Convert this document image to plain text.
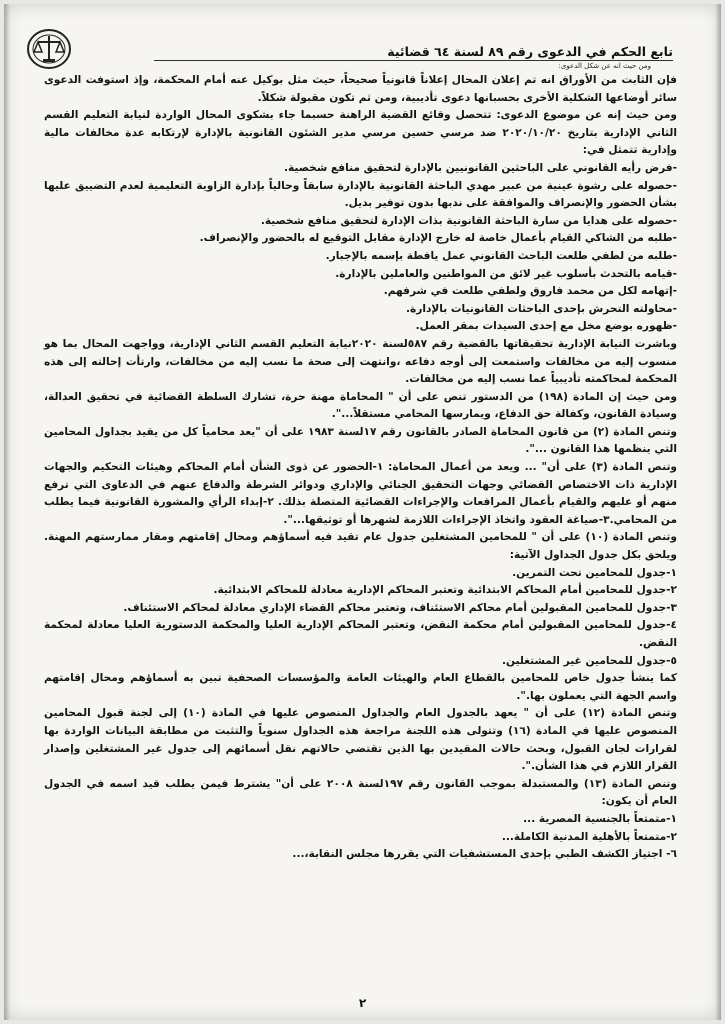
تابع الحكم في الدعوى رقم ٨٩ لسنة ٦٤ قضائية
ومن حيث انه عن شكل الدعوى:

فإن الثابت من الأوراق انه تم إعلان المحال إعلاناً قانونياً صحيحاً، حيث مثل بوكيل عنه أمام المحكمة، وإذ استوفت الدعوى سائر أوضاعها الشكلية الأخرى بحسبانها دعوى تأديبية، ومن ثم تكون مقبولة شكلاً.

ومن حيث إنه عن موضوع الدعوى: تتحصل وقائع القضية الراهنة حسبما جاء بشكوى المحال الواردة لنيابة التعليم القسم الثاني الإدارية بتاريخ ٢٠٢٠/١٠/٢٠ ضد مرسي حسين مرسي مدير الشئون القانونية بالإدارة لإرتكابه عدة مخالفات مالية وإدارية تتمثل في:

-فرض رأيه القانوني على الباحثين القانونيين بالإدارة لتحقيق منافع شخصية.

-حصوله على رشوة عينية من عبير مهدي الباحثة القانونية بالإدارة سابقاً وحالياً بإدارة الزاوية التعليمية لعدم التضييق عليها بشأن الحضور والإنصراف والموافقة على ندبها بدون توفير بديل.

-حصوله على هدايا من سارة الباحثة القانونية بذات الإدارة لتحقيق منافع شخصية.

-طلبه من الشاكي القيام بأعمال خاصة له خارج الإدارة مقابل التوقيع له بالحضور والإنصراف.

-طلبه من لطفي طلعت الباحث القانوني عمل يافطة بإسمه بالإجبار.

-قيامه بالتحدث بأسلوب غير لائق من المواطنين والعاملين بالإدارة.

-إتهامه لكل من محمد فاروق ولطفي طلعت في شرفهم.

-محاولته التحرش بإحدى الباحثات القانونيات بالإدارة.

-ظهوره بوضع مخل مع إحدى السيدات بمقر العمل.

وباشرت النيابة الإدارية تحقيقاتها بالقضية رقم ٥٨٧لسنة ٢٠٢٠نيابة التعليم القسم الثاني الإدارية، وواجهت المحال بما هو منسوب إليه من مخالفات واستمعت إلى أوجه دفاعه ،وانتهت إلى صحة ما نسب إليه من مخالفات، وارتأت إحالته إلى هذه المحكمة لمحاكمته تأديبياً عما نسب إليه من مخالفات.

ومن حيث إن المادة (١٩٨) من الدستور تنص على أن " المحاماة مهنة حرة، تشارك السلطة القضائية في تحقيق العدالة، وسيادة القانون، وكفالة حق الدفاع، ويمارسها المحامي مستقلاً...".

وتنص المادة (٢) من قانون المحاماة الصادر بالقانون رقم ١٧لسنة ١٩٨٣ على أن "يعد محامياً كل من يقيد بجداول المحامين التي ينظمها هذا القانون ...".

وتنص المادة (٣) على أن" ... ويعد من أعمال المحاماة: ١-الحضور عن ذوى الشأن أمام المحاكم وهيئات التحكيم والجهات الإدارية ذات الاختصاص القضائي وجهات التحقيق الجنائي والإداري ودوائر الشرطة والدفاع عنهم في الدعاوى التي ترفع منهم أو عليهم والقيام بأعمال المرافعات والإجراءات القضائية المتصلة بذلك. ٢-إبداء الرأي والمشورة القانونية فيما يطلب من المحامي.٣-صياغة العقود واتخاذ الإجراءات اللازمة لشهرها أو توثيقها...".

وتنص المادة (١٠) على أن " للمحامين المشتغلين جدول عام تقيد فيه أسماؤهم ومحال إقامتهم ومقار ممارستهم المهنة. ويلحق بكل جدول الجداول الآتية:

١-جدول للمحامين تحت التمرين.

٢-جدول للمحامين أمام المحاكم الابتدائية وتعتبر المحاكم الإدارية معادلة للمحاكم الابتدائية.

٣-جدول للمحامين المقبولين أمام محاكم الاستئناف، وتعتبر محاكم القضاء الإداري معادلة لمحاكم الاستئناف.

٤-جدول للمحامين المقبولين أمام محكمة النقض، وتعتبر المحاكم الإدارية العليا والمحكمة الدستورية العليا معادلة لمحكمة النقض.

٥-جدول للمحامين غير المشتغلين.

كما ينشأ جدول خاص للمحامين بالقطاع العام والهيئات العامة والمؤسسات الصحفية تبين به أسماؤهم ومحال إقامتهم واسم الجهة التي يعملون بها.".

وتنص المادة (١٢) على أن " يعهد بالجدول العام والجداول المنصوص عليها في المادة (١٠) إلى لجنة قبول المحامين المنصوص عليها في المادة (١٦) وتتولى هذه اللجنة مراجعة هذه الجداول سنوياً والتثبت من مطابقة البيانات الواردة بها لقرارات لجان القبول، وبحث حالات المقيدين بها الذين تقتضي حالاتهم نقل أسمائهم إلى جدول غير المشتغلين وإصدار القرار اللازم في هذا الشأن.".

وتنص المادة (١٣) والمستبدلة بموجب القانون رقم ١٩٧لسنة ٢٠٠٨ على أن" يشترط فيمن يطلب قيد اسمه في الجدول العام أن يكون:

١-متمتعاً بالجنسية المصرية ...

٢-متمتعاً بالأهلية المدنية الكاملة...

٦- اجتياز الكشف الطبي بإحدى المستشفيات التي يقررها مجلس النقابة،...

٢
